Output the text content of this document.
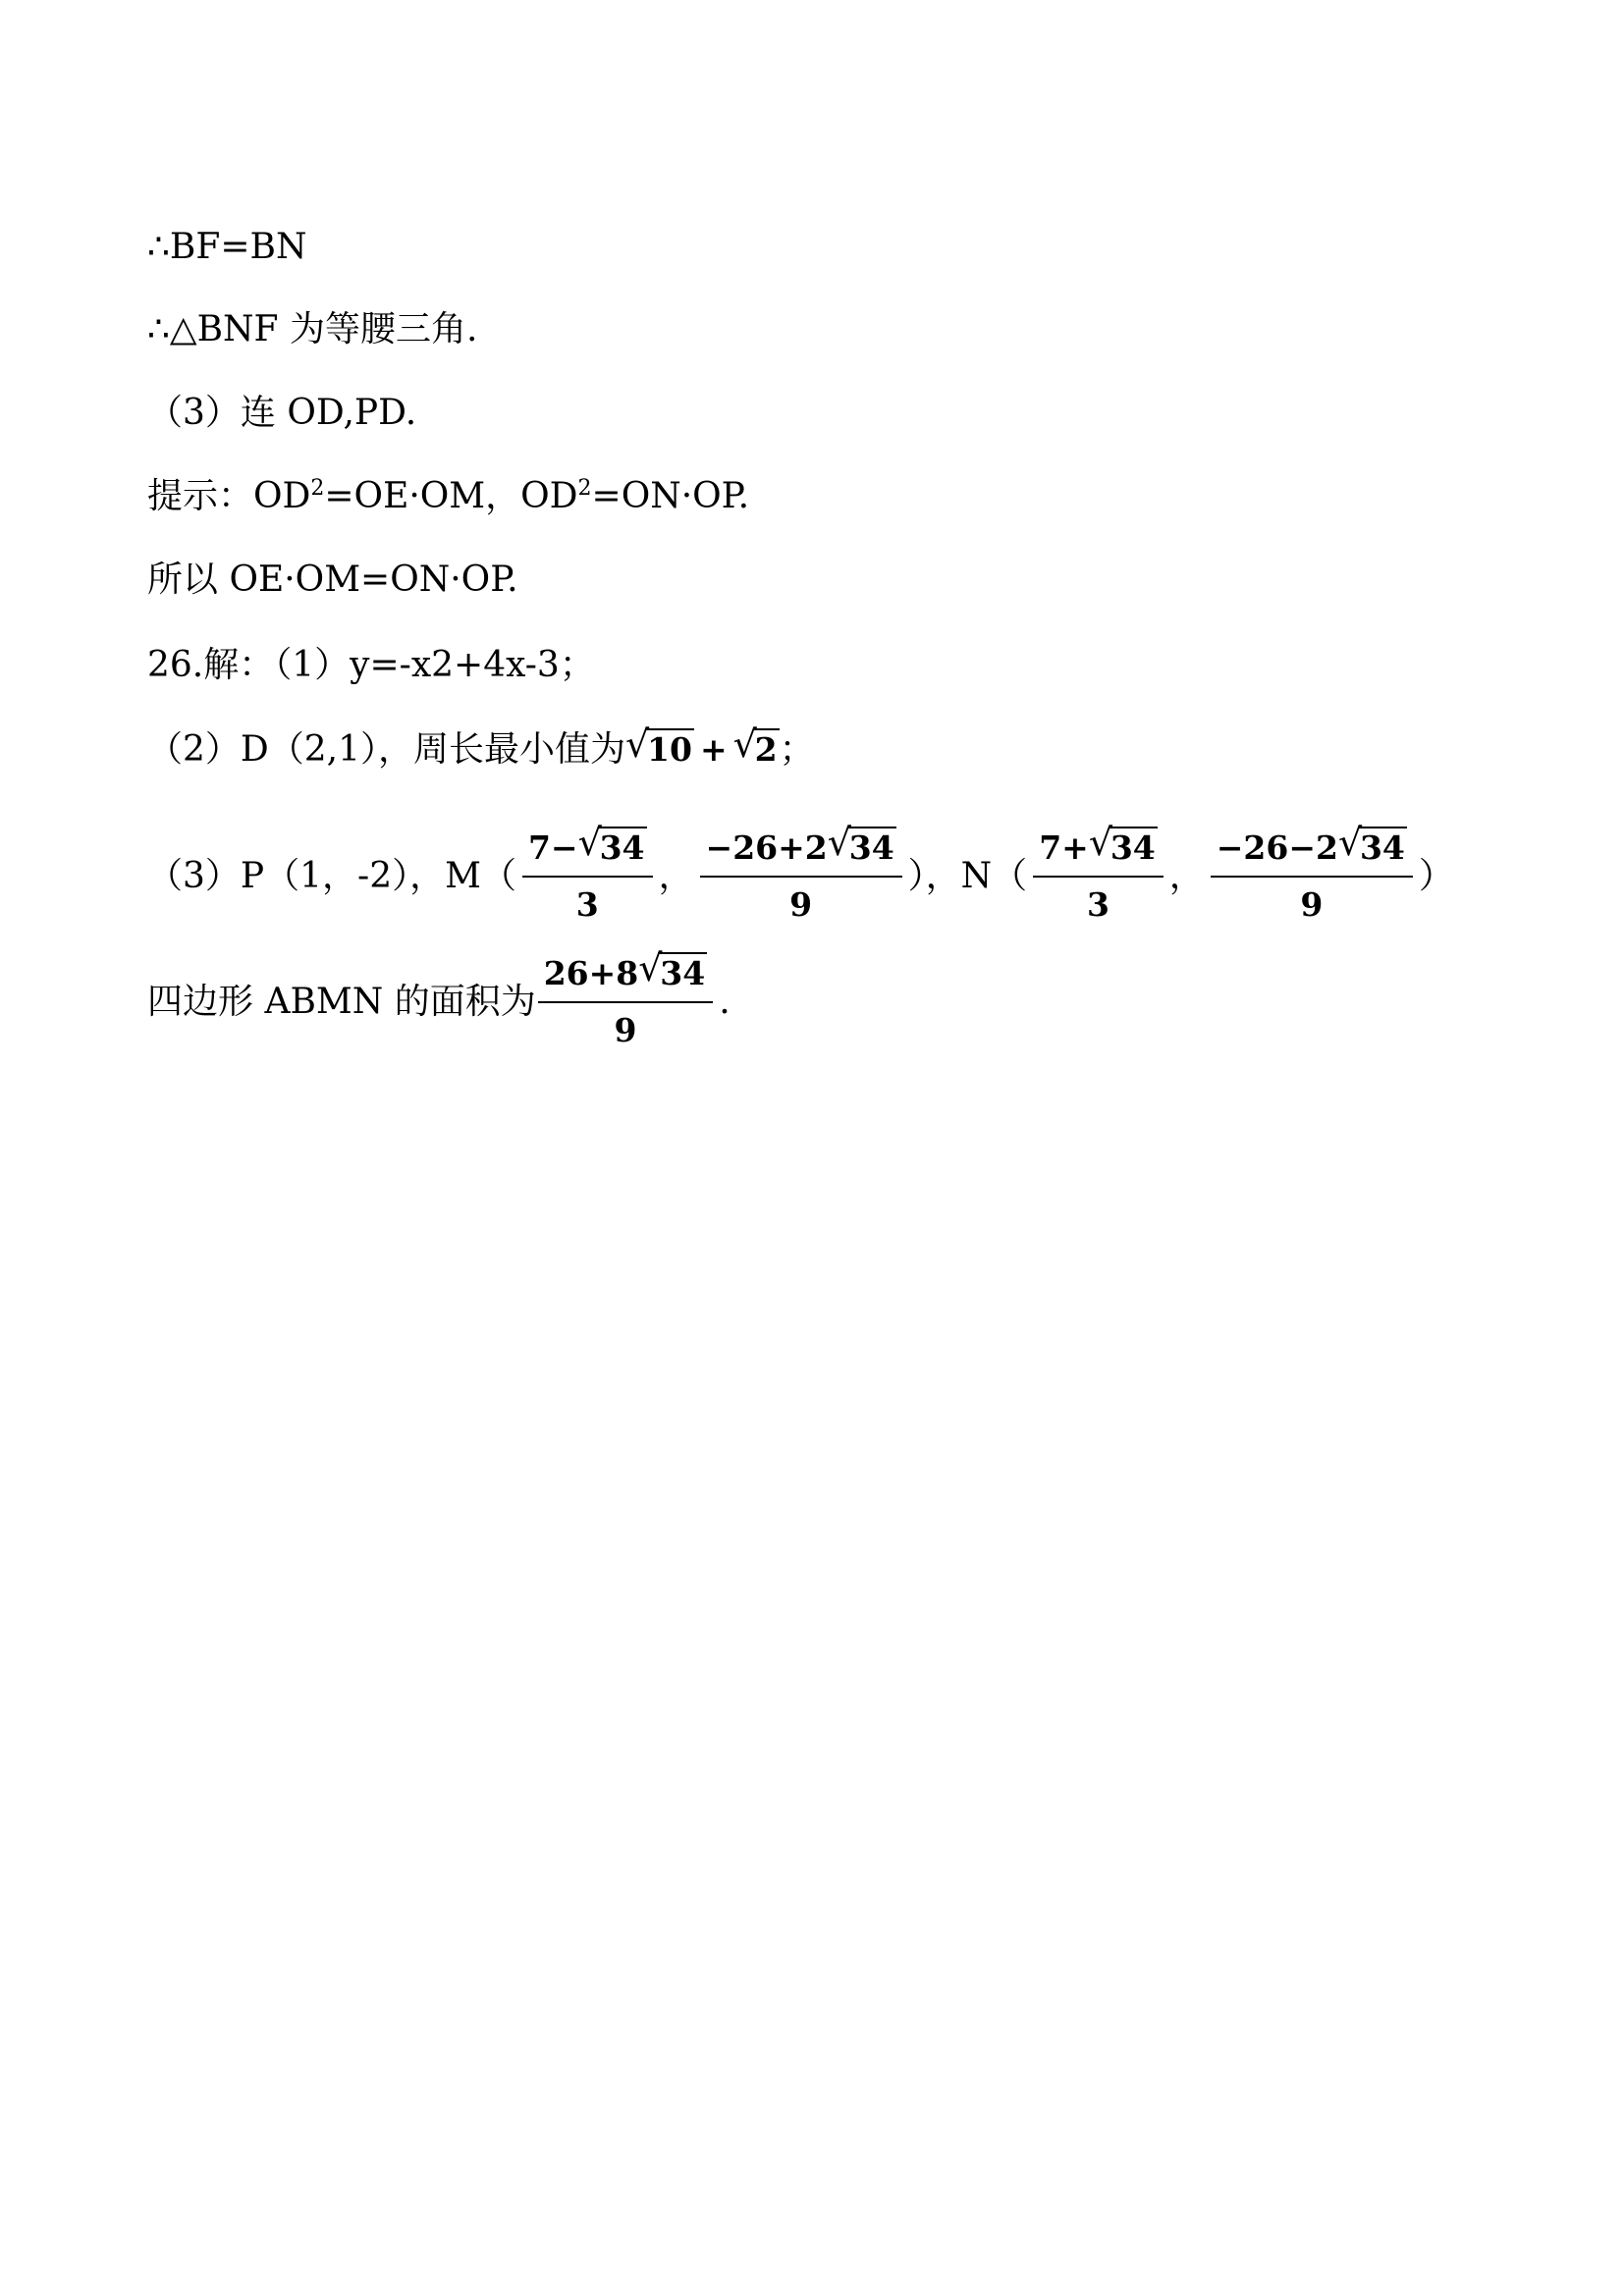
∴BF=BN
∴△BNF 为等腰三角.
（3）连 OD,PD.
提示：$OD^2=OE\cdot OM$，$OD^2=ON\cdot OP$.
所以 OE·OM=ON·OP.
26.解：（1）y=-x2+4x-3；
（2）D（2,1），周长最小值为 √
10 + √
2；
（3）P（1，-2），M（ 7− √
34
3 ， −26+2 √
34
9 ），N（ 7+ √
34
3 ， −26−2 √
34
9 ）
四边形 ABMN 的面积为 26+8 √
34
9 .
